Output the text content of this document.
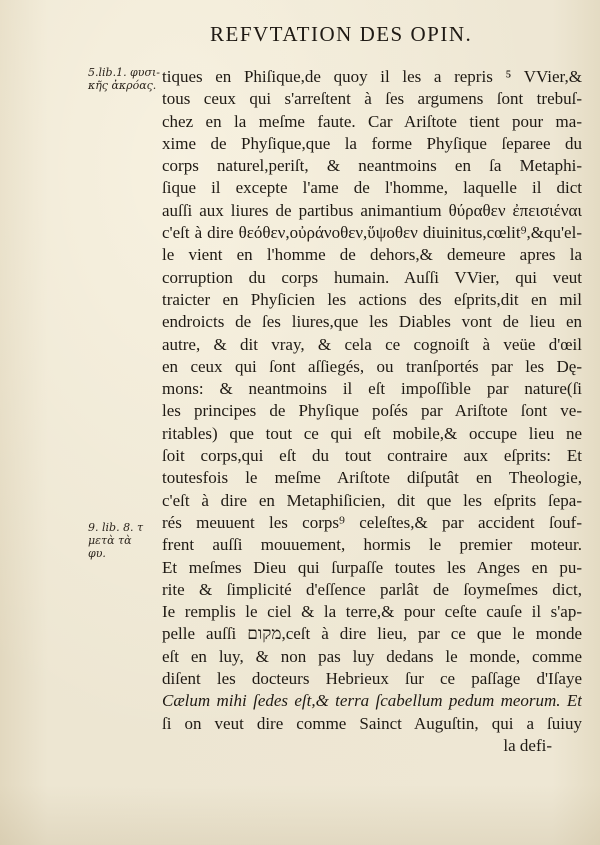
REFVTATION DES OPIN.
5.lib.1. φυσι-
κῆς ἀκρόας.
9. lib. 8. τ
μετὰ τὰ
φυ.
tiques en Phiſique,de quoy il les a repris ⁵ VVier,&
tous ceux qui s'arreſtent à ſes argumens ſont trebuſ-
chez en la meſme faute. Car Ariſtote tient pour ma-
xime de Phyſique,que la forme Phyſique ſeparee du
corps naturel,periſt, & neantmoins en ſa Metaphi-
ſique il excepte l'ame de l'homme, laquelle il dict
auſſi aux liures de partibus animantium θύραθεν ἐπεισιέναι
c'eſt à dire θεόθεν,οὐράνοθεν,ὕψοθεν diuinitus,cœlit⁹,&qu'el-
le vient en l'homme de dehors,& demeure apres la
corruption du corps humain. Auſſi VVier, qui veut
traicter en Phyſicien les actions des eſprits,dit en mil
endroicts de ſes liures,que les Diables vont de lieu en
autre, & dit vray, & cela ce cognoiſt à veüe d'œil
en ceux qui ſont aſſiegés, ou tranſportés par les Dę-
mons: & neantmoins il eſt impoſſible par nature(ſi
les principes de Phyſique poſés par Ariſtote ſont ve-
ritables) que tout ce qui eſt mobile,& occupe lieu ne
ſoit corps,qui eſt du tout contraire aux eſprits: Et
toutesfois le meſme Ariſtote diſputât en Theologie,
c'eſt à dire en Metaphiſicien, dit que les eſprits ſepa-
rés meuuent les corps⁹ celeſtes,& par accident ſouf-
frent auſſi mouuement, hormis le premier moteur.
Et meſmes Dieu qui ſurpaſſe toutes les Anges en pu-
rite & ſimplicité d'eſſence parlât de ſoymeſmes dict,
Ie remplis le ciel & la terre,& pour ceſte cauſe il s'ap-
pelle auſſi מקום,ceſt à dire lieu, par ce que le monde
eſt en luy, & non pas luy dedans le monde, comme
diſent les docteurs Hebrieux ſur ce paſſage d'Iſaye
Cælum mihi ſedes eſt,& terra ſcabellum pedum meorum. Et
ſi on veut dire comme Sainct Auguſtin, qui a ſuiuy
la defi-
